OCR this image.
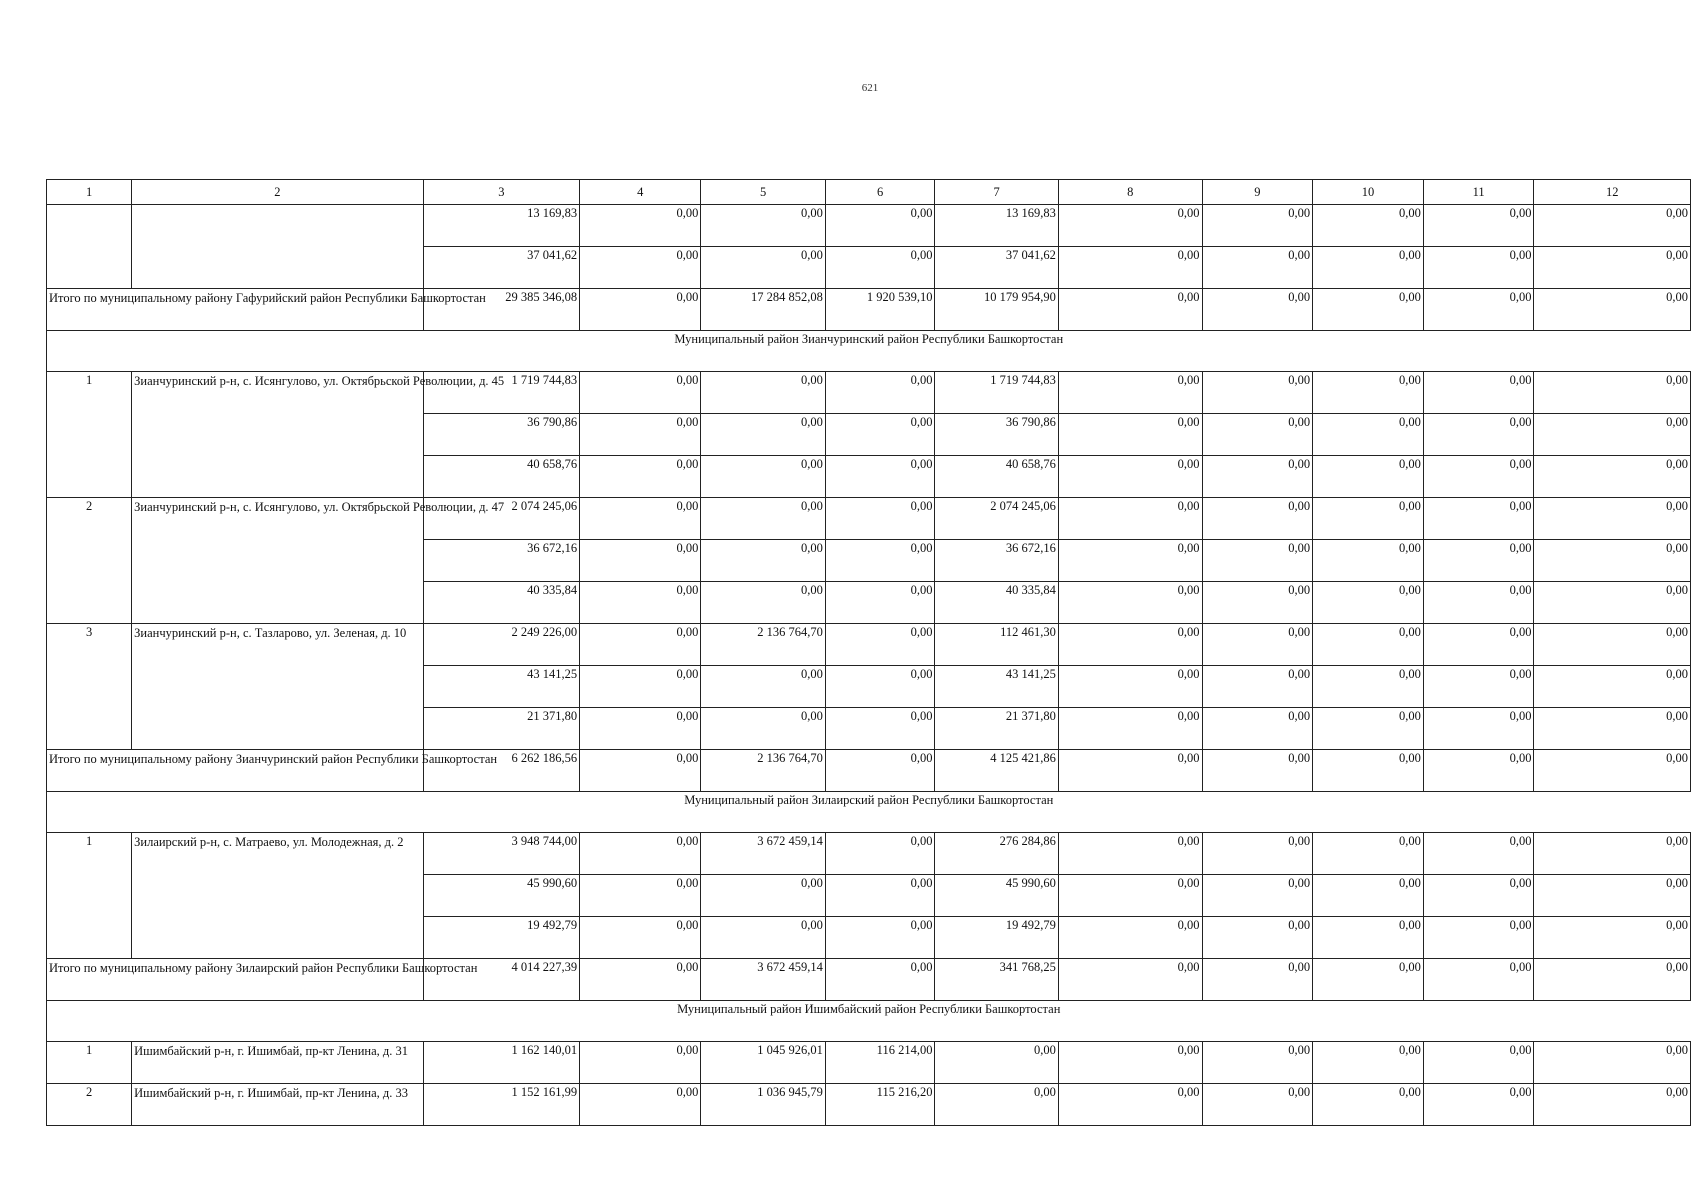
621
1	2	3	4	5	6	7	8	9	10	11	12
		13 169,83	0,00	0,00	0,00	13 169,83	0,00	0,00	0,00	0,00	0,00
		37 041,62	0,00	0,00	0,00	37 041,62	0,00	0,00	0,00	0,00	0,00
Итого по муниципальному району Гафурийский район Республики Башкортостан		29 385 346,08	0,00	17 284 852,08	1 920 539,10	10 179 954,90	0,00	0,00	0,00	0,00	0,00
Муниципальный район Зианчуринский район Республики Башкортостан											
1	Зианчуринский р-н, с. Исянгулово, ул. Октябрьской Революции, д. 45	1 719 744,83	0,00	0,00	0,00	1 719 744,83	0,00	0,00	0,00	0,00	0,00
		36 790,86	0,00	0,00	0,00	36 790,86	0,00	0,00	0,00	0,00	0,00
		40 658,76	0,00	0,00	0,00	40 658,76	0,00	0,00	0,00	0,00	0,00
2	Зианчуринский р-н, с. Исянгулово, ул. Октябрьской Революции, д. 47	2 074 245,06	0,00	0,00	0,00	2 074 245,06	0,00	0,00	0,00	0,00	0,00
		36 672,16	0,00	0,00	0,00	36 672,16	0,00	0,00	0,00	0,00	0,00
		40 335,84	0,00	0,00	0,00	40 335,84	0,00	0,00	0,00	0,00	0,00
3	Зианчуринский р-н, с. Тазларово, ул. Зеленая, д. 10	2 249 226,00	0,00	2 136 764,70	0,00	112 461,30	0,00	0,00	0,00	0,00	0,00
		43 141,25	0,00	0,00	0,00	43 141,25	0,00	0,00	0,00	0,00	0,00
		21 371,80	0,00	0,00	0,00	21 371,80	0,00	0,00	0,00	0,00	0,00
Итого по муниципальному району Зианчуринский район Республики Башкортостан		6 262 186,56	0,00	2 136 764,70	0,00	4 125 421,86	0,00	0,00	0,00	0,00	0,00
Муниципальный район Зилаирский район Республики Башкортостан											
1	Зилаирский р-н, с. Матраево, ул. Молодежная, д. 2	3 948 744,00	0,00	3 672 459,14	0,00	276 284,86	0,00	0,00	0,00	0,00	0,00
		45 990,60	0,00	0,00	0,00	45 990,60	0,00	0,00	0,00	0,00	0,00
		19 492,79	0,00	0,00	0,00	19 492,79	0,00	0,00	0,00	0,00	0,00
Итого по муниципальному району Зилаирский район Республики Башкортостан		4 014 227,39	0,00	3 672 459,14	0,00	341 768,25	0,00	0,00	0,00	0,00	0,00
Муниципальный район Ишимбайский район Республики Башкортостан											
1	Ишимбайский р-н, г. Ишимбай, пр-кт Ленина, д. 31	1 162 140,01	0,00	1 045 926,01	116 214,00	0,00	0,00	0,00	0,00	0,00	0,00
2	Ишимбайский р-н, г. Ишимбай, пр-кт Ленина, д. 33	1 152 161,99	0,00	1 036 945,79	115 216,20	0,00	0,00	0,00	0,00	0,00	0,00
